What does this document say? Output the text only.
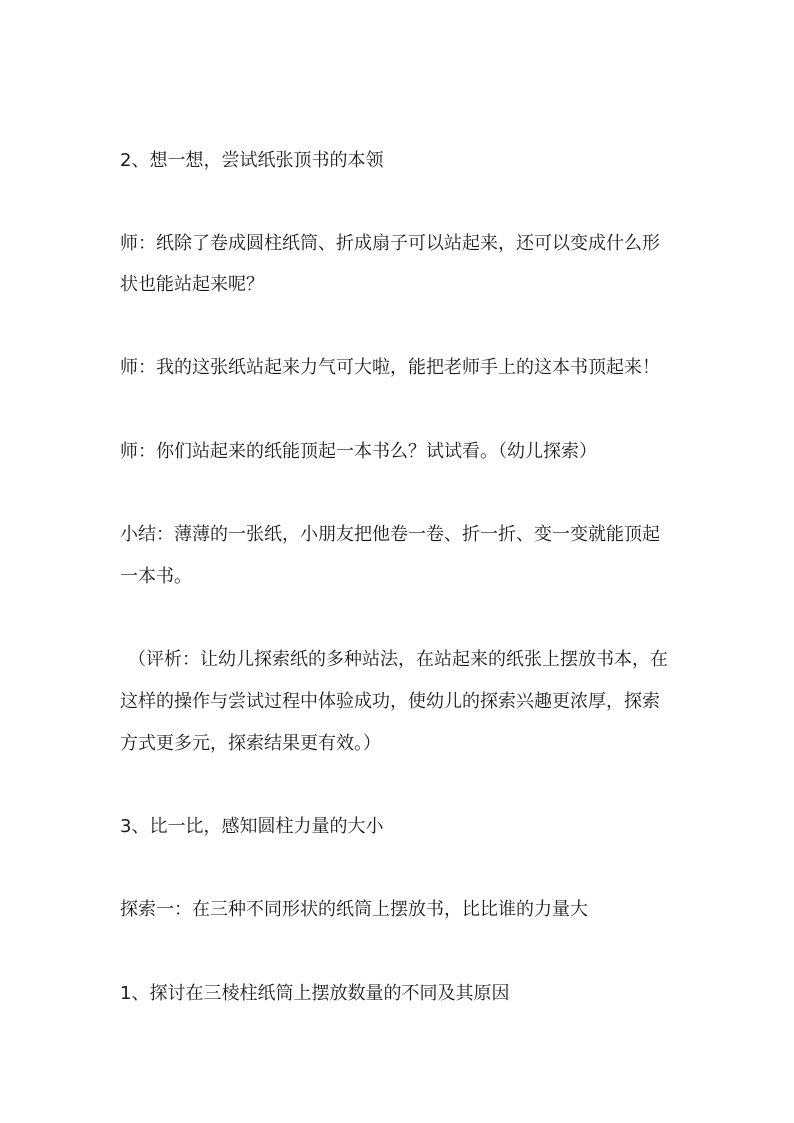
2、想一想，尝试纸张顶书的本领
师：纸除了卷成圆柱纸筒、折成扇子可以站起来，还可以变成什么形
状也能站起来呢？
师：我的这张纸站起来力气可大啦，能把老师手上的这本书顶起来！
师：你们站起来的纸能顶起一本书么？试试看。（幼儿探索）
小结：薄薄的一张纸，小朋友把他卷一卷、折一折、变一变就能顶起
一本书。
（评析：让幼儿探索纸的多种站法，在站起来的纸张上摆放书本，在
这样的操作与尝试过程中体验成功，使幼儿的探索兴趣更浓厚，探索
方式更多元，探索结果更有效。）
3、比一比，感知圆柱力量的大小
探索一：在三种不同形状的纸筒上摆放书，比比谁的力量大
1、探讨在三棱柱纸筒上摆放数量的不同及其原因
